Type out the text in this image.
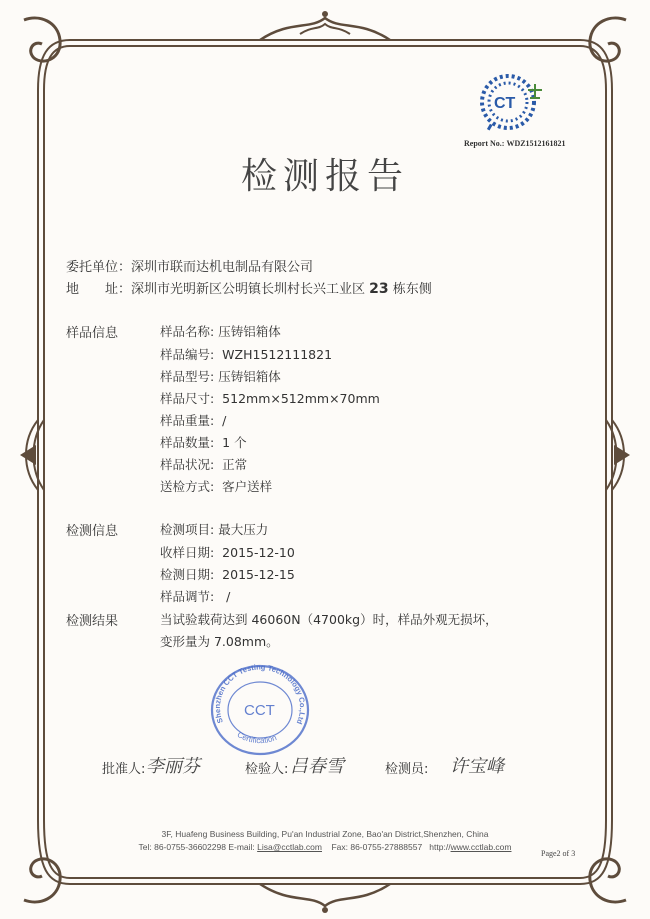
CT
Report No.: WDZ1512161821
检测报告
委托单位：深圳市联而达机电制品有限公司
地　　址：深圳市光明新区公明镇长圳村长兴工业区 23 栋东侧
样品信息	样品名称: 压铸铝箱体
样品编号: WZH1512111821
样品型号: 压铸铝箱体
样品尺寸: 512mm×512mm×70mm
样品重量: /
样品数量: 1 个
样品状况: 正常
送检方式: 客户送样
检测信息	检测项目: 最大压力
收样日期: 2015-12-10
检测日期: 2015-12-15
样品调节: /
检测结果	当试验载荷达到 46060N（4700kg）时，样品外观无损坏，
变形量为 7.08mm。
Shenzhen CCT Testing Technology Co.,Ltd
Certification
CCT
批准人: 李丽芬	检验人: 吕春雪	检测员: 许宝峰
3F, Huafeng Business Building, Pu'an Industrial Zone, Bao'an District,Shenzhen, China
Tel: 86-0755-36602298 E-mail: Lisa@cctlab.com Fax: 86-0755-27888557 http://www.cctlab.com
Page2 of 3
